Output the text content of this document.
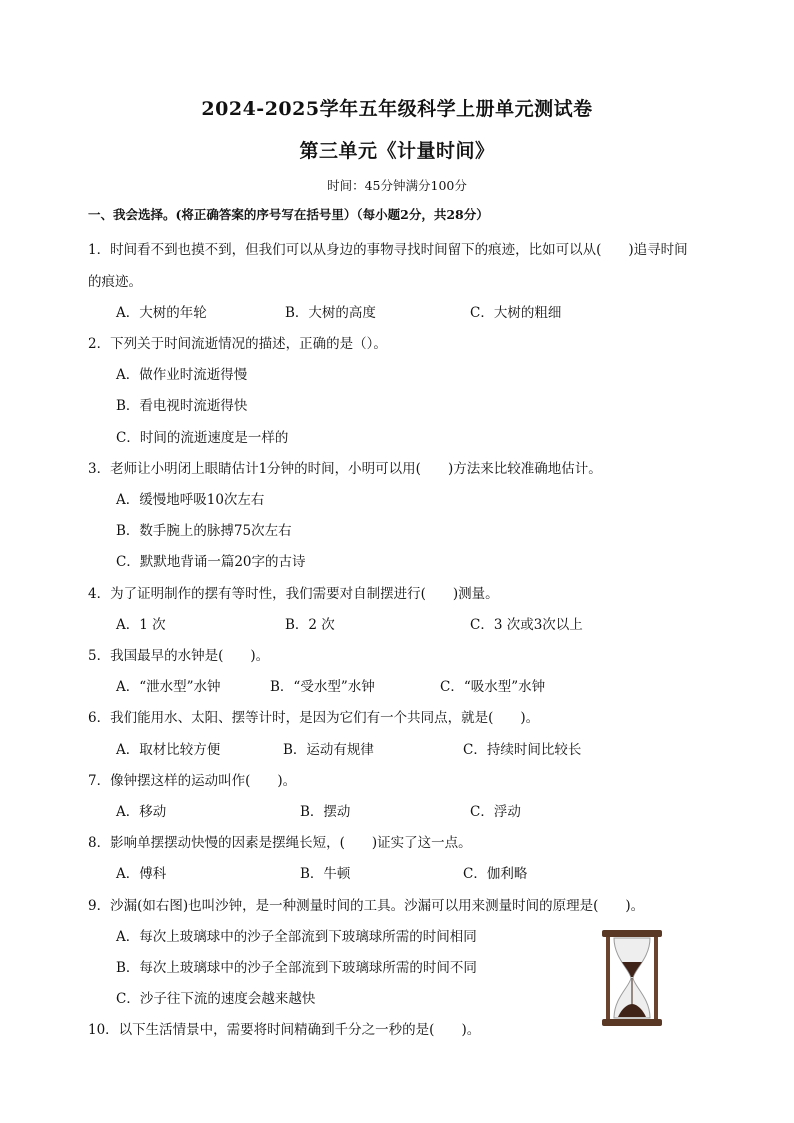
2024-2025学年五年级科学上册单元测试卷
第三单元《计量时间》
时间：45分钟满分100分
一、我会选择。(将正确答案的序号写在括号里）（每小题2分，共28分）
1．时间看不到也摸不到，但我们可以从身边的事物寻找时间留下的痕迹，比如可以从(　　)追寻时间
的痕迹。
A．大树的年轮	B．大树的高度	C．大树的粗细
2．下列关于时间流逝情况的描述，正确的是（）。
A．做作业时流逝得慢
B．看电视时流逝得快
C．时间的流逝速度是一样的
3．老师让小明闭上眼睛估计1分钟的时间，小明可以用(　　)方法来比较准确地估计。
A．缓慢地呼吸10次左右
B．数手腕上的脉搏75次左右
C．默默地背诵一篇20字的古诗
4．为了证明制作的摆有等时性，我们需要对自制摆进行(　　)测量。
A．1 次	B．2 次	C．3 次或3次以上
5．我国最早的水钟是(　　)。
A．“泄水型”水钟	B．“受水型”水钟	C．“吸水型”水钟
6．我们能用水、太阳、摆等计时，是因为它们有一个共同点，就是(　　)。
A．取材比较方便	B．运动有规律	C．持续时间比较长
7．像钟摆这样的运动叫作(　　)。
A．移动	B．摆动	C．浮动
8．影响单摆摆动快慢的因素是摆绳长短，(　　)证实了这一点。
A．傅科	B．牛顿	C．伽利略
9．沙漏(如右图)也叫沙钟，是一种测量时间的工具。沙漏可以用来测量时间的原理是(　　)。
A．每次上玻璃球中的沙子全部流到下玻璃球所需的时间相同
B．每次上玻璃球中的沙子全部流到下玻璃球所需的时间不同
C．沙子往下流的速度会越来越快
10．以下生活情景中，需要将时间精确到千分之一秒的是(　　)。
